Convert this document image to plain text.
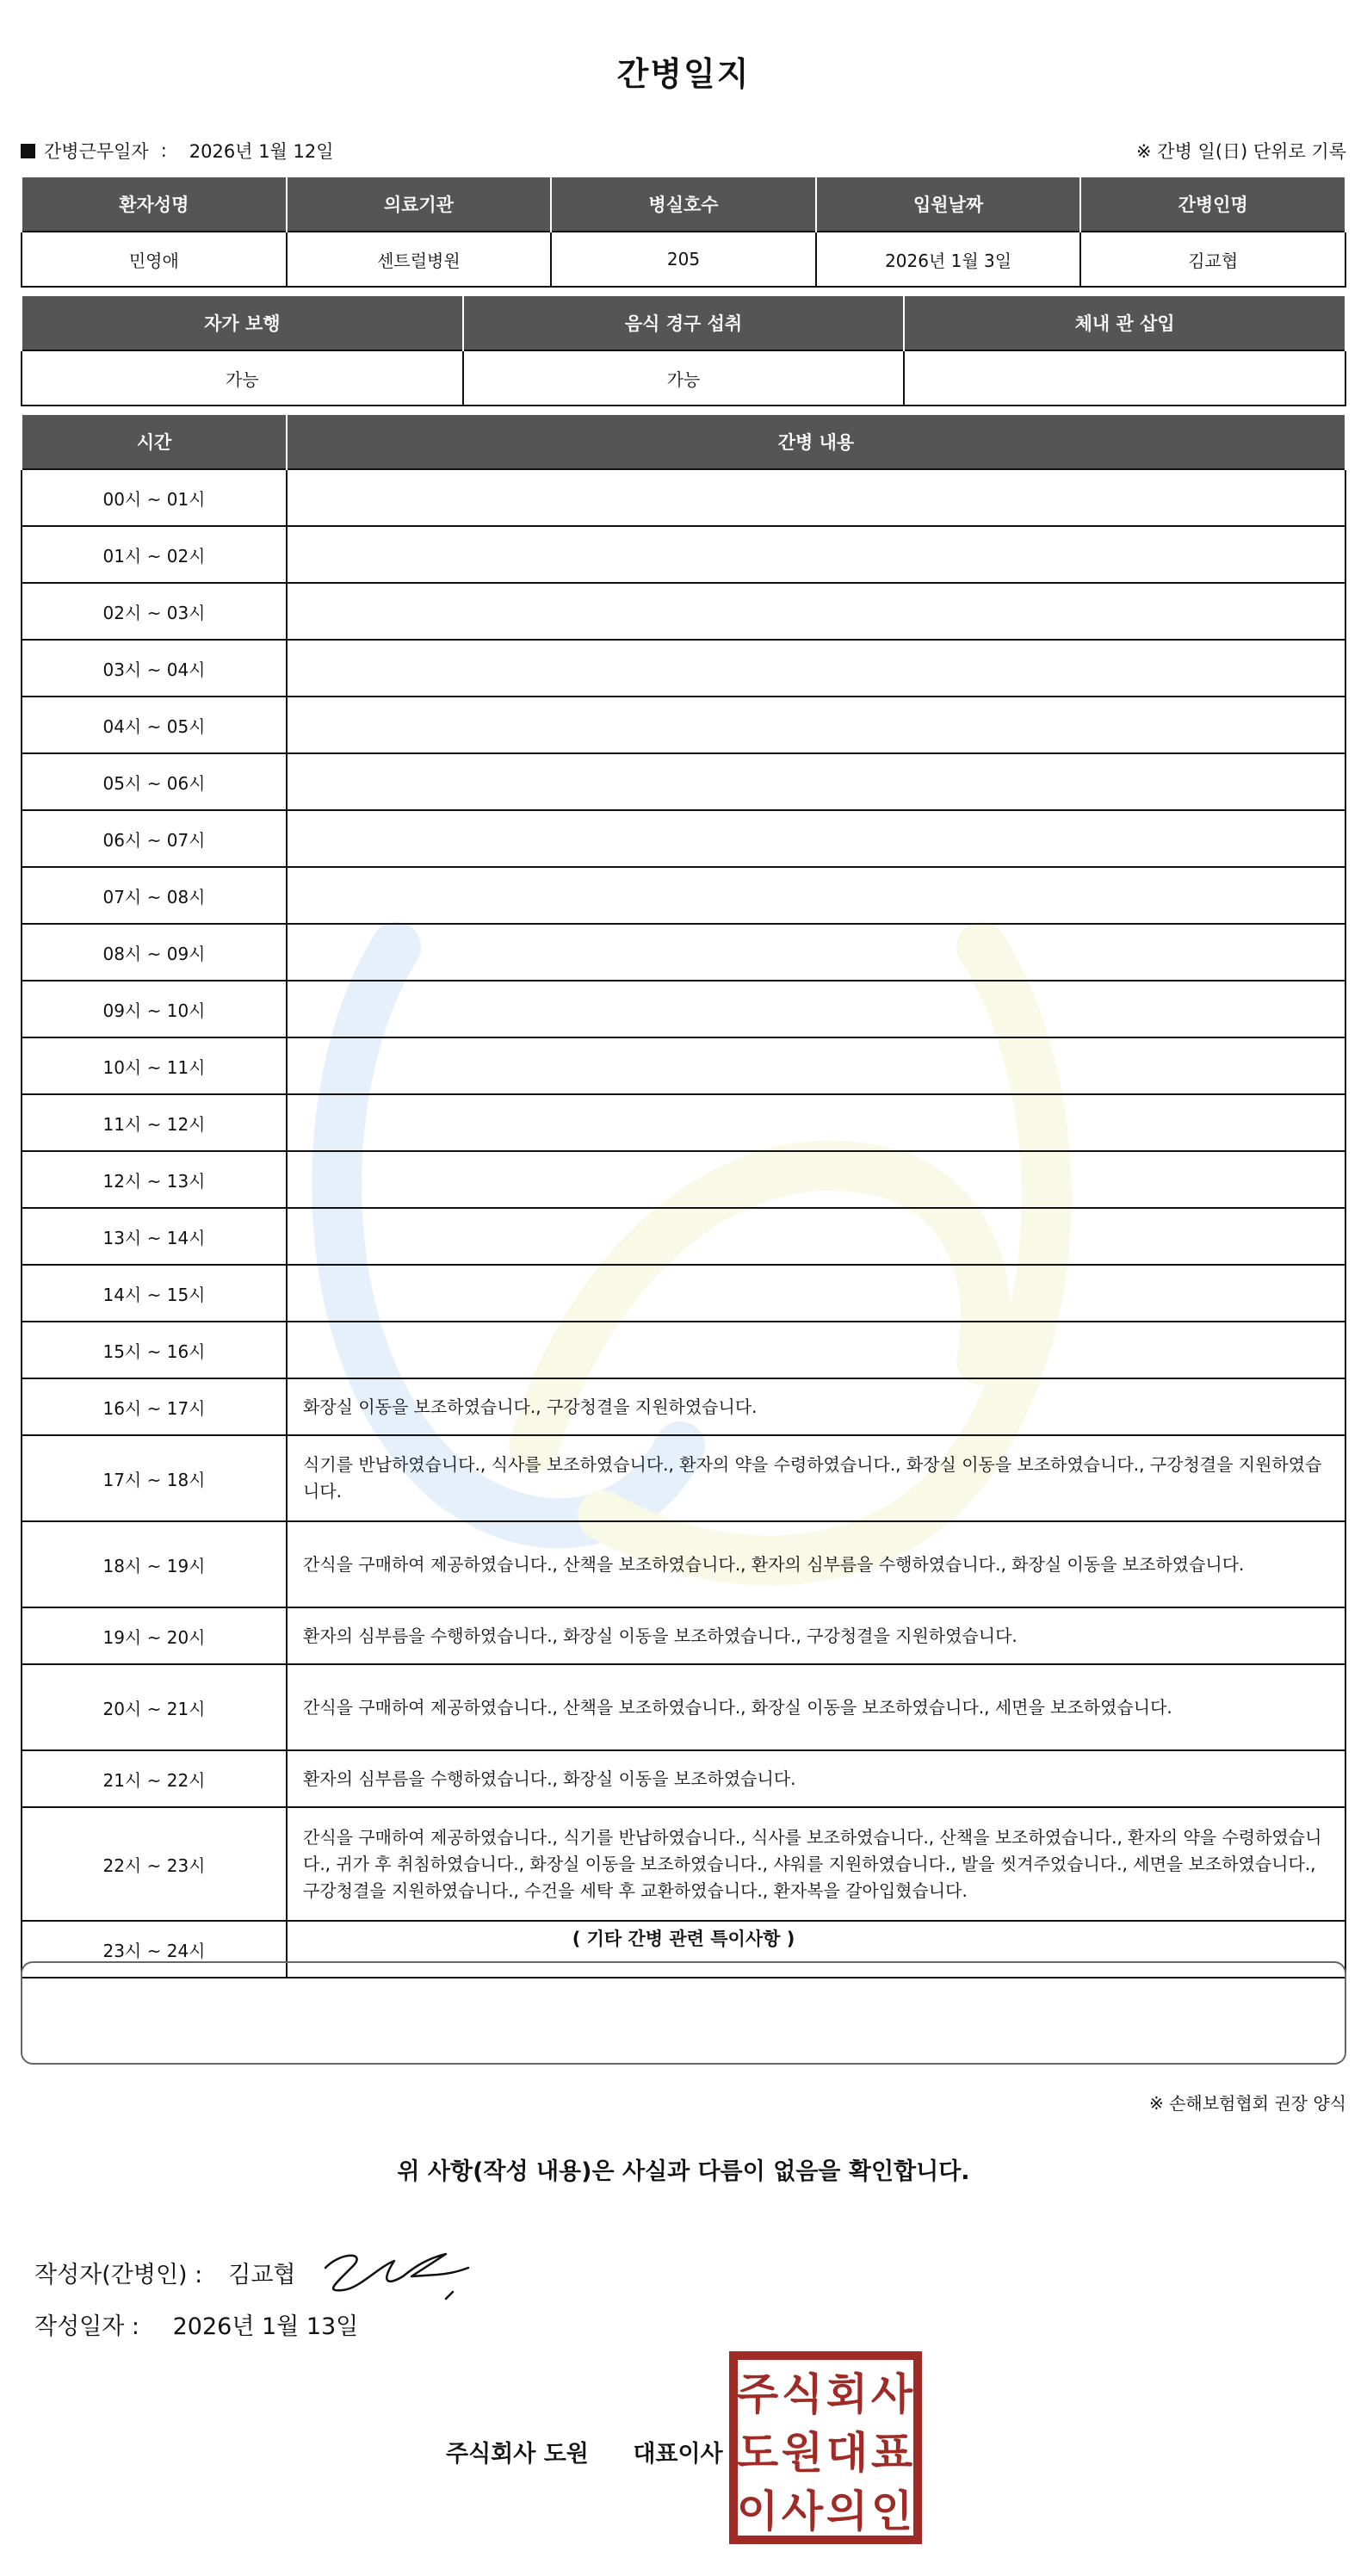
간병일지
간병근무일자 : 2026년 1월 12일	※ 간병 일(日) 단위로 기록
환자성명	의료기관	병실호수	입원날짜	간병인명
민영애	센트럴병원	205	2026년 1월 3일	김교협
자가 보행	음식 경구 섭취	체내 관 삽입
가능	가능	
시간	간병 내용
00시 ~ 01시	
01시 ~ 02시	
02시 ~ 03시	
03시 ~ 04시	
04시 ~ 05시	
05시 ~ 06시	
06시 ~ 07시	
07시 ~ 08시	
08시 ~ 09시	
09시 ~ 10시	
10시 ~ 11시	
11시 ~ 12시	
12시 ~ 13시	
13시 ~ 14시	
14시 ~ 15시	
15시 ~ 16시	
16시 ~ 17시	화장실 이동을 보조하였습니다., 구강청결을 지원하였습니다.
17시 ~ 18시	식기를 반납하였습니다., 식사를 보조하였습니다., 환자의 약을 수령하였습니다., 화장실 이동을 보조하였습니다., 구강청결을 지원하였습니다.
18시 ~ 19시	간식을 구매하여 제공하였습니다., 산책을 보조하였습니다., 환자의 심부름을 수행하였습니다., 화장실 이동을 보조하였습니다.
19시 ~ 20시	환자의 심부름을 수행하였습니다., 화장실 이동을 보조하였습니다., 구강청결을 지원하였습니다.
20시 ~ 21시	간식을 구매하여 제공하였습니다., 산책을 보조하였습니다., 화장실 이동을 보조하였습니다., 세면을 보조하였습니다.
21시 ~ 22시	환자의 심부름을 수행하였습니다., 화장실 이동을 보조하였습니다.
22시 ~ 23시	간식을 구매하여 제공하였습니다., 식기를 반납하였습니다., 식사를 보조하였습니다., 산책을 보조하였습니다., 환자의 약을 수령하였습니다., 귀가 후 취침하였습니다., 화장실 이동을 보조하였습니다., 샤워를 지원하였습니다., 발을 씻겨주었습니다., 세면을 보조하였습니다., 구강청결을 지원하였습니다., 수건을 세탁 후 교환하였습니다., 환자복을 갈아입혔습니다.
23시 ~ 24시	
( 기타 간병 관련 특이사항 )
※ 손해보험협회 권장 양식
위 사항(작성 내용)은 사실과 다름이 없음을 확인합니다.
작성자(간병인) : 김교협
작성일자 : 2026년 1월 13일
주식회사 도원 대표이사
주 식 회 사
도 원 대 표
이 사 의 인
